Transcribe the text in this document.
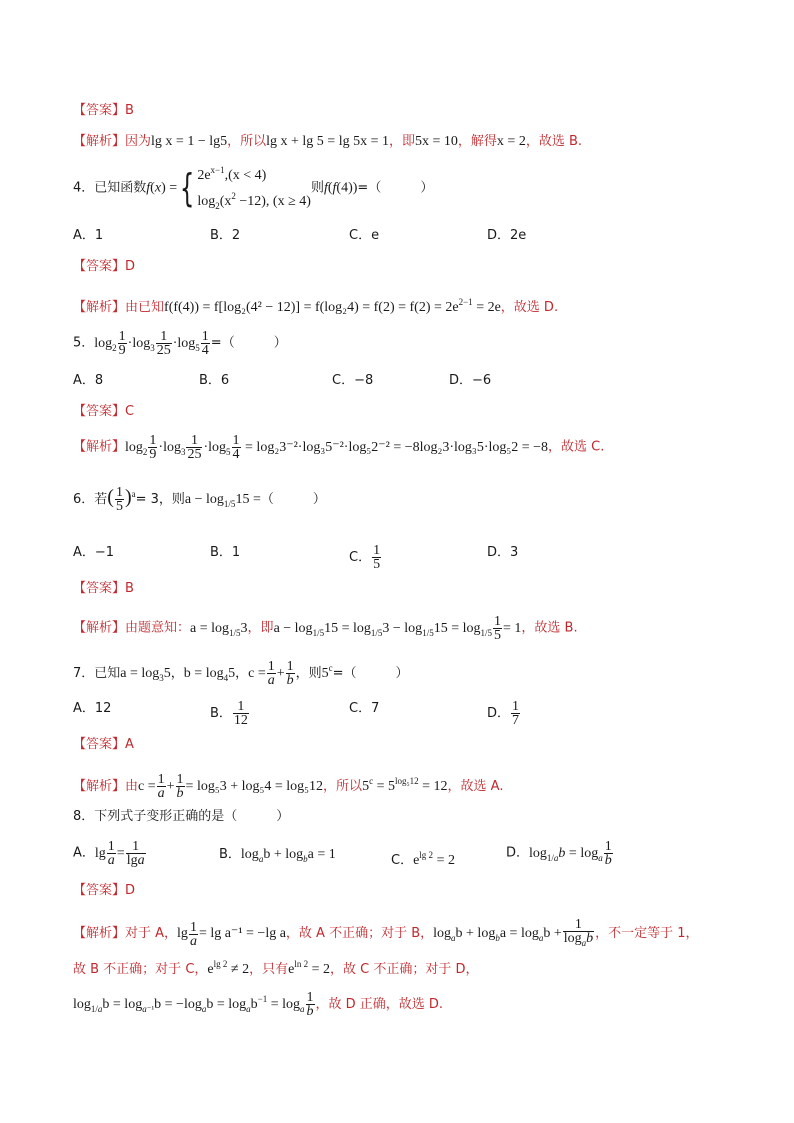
【答案】B
【解析】因为lg x = 1 − lg5，所以lg x + lg 5 = lg 5x = 1，即5x = 10，解得x = 2，故选 B.
4．已知函数f(x) ={ $2e^{x-1},(x < 4)$
$\log_2(x^2 -12)$, (x ≥ 4)
则f(f(4))=（　　　）
A．1	B．2	C．e	D．2e
【答案】D
【解析】由已知$f(f(4)) = f[\log_2(4^2 - 12)] = f(\log_24) = f(2) = f(2) = 2e^{2-1} = 2e$，故选 D.
5．$\log_2 \frac{1}{9} \cdot\log_3 \frac{1}{25} \cdot\log_5 \frac{1}{4}$ =（　　　）
A．8	B．6	C．−8	D．−6
【答案】C
【解析】$\log_2 \frac{1}{9} \cdot\log_3 \frac{1}{25} \cdot\log_5 \frac{1}{4} = \log_23^{-2}\cdot\log_35^{-2}\cdot\log_52^{-2} = -8\log_23\cdot\log_35\cdot\log_52 = -8$，故选 C.
6．若( $\frac{1}{5} )^a= 3$，则$a - \log_{1/5}15$ =（　　　）
A．−1	B．1	C． $\frac{1}{5}$	D．3
【答案】B
【解析】由题意知：$a = \log_{1/5}3$，即$a - \log_{1/5}15 = \log_{1/5}3 - \log_{1/5}15 = \log_{1/5} \frac{1}{5} = 1$，故选 B.
7．已知$a = \log_35$，$b = \log_45$，$c = \frac{1}{a} + \frac{1}{b}$ ，则$5^c=$（　　　）
A．12	B． $\frac{1}{12}$	C．7	D． $\frac{1}{7}$
【答案】A
【解析】由$c = \frac{1}{a} + \frac{1}{b} = \log_53 + \log_54 = \log_512$，所以$5^c = 5^{log_512} = 12$，故选 A.
8．下列式子变形正确的是（　　　）
A．$\lg \frac{1}{a} = \frac{1}{\lg a}$	B．$\log_ab + \log_ba = 1$	C．$e^{lg 2} = 2$	D．$\log_{1/a}b = \log_a \frac{1}{b}$
【答案】D
【解析】对于 A，$\lg \frac{1}{a} = \lg a^{-1} = -\lg$ a，故 A 不正确；对于 B，$\log_ab + \log_ba = \log_ab + \frac{1}{\log_ab}$ ，不一定等于 1，
故 B 不正确；对于 C，$e^{lg 2} \ne 2$，只有$e^{ln 2} = 2$，故 C 不正确；对于 D，
$\log_{1/a}b = \log_{a^{-1}}b = -\log_ab = \log_ab^{-1} = \log_a \frac{1}{b}$ ，故 D 正确，故选 D.
